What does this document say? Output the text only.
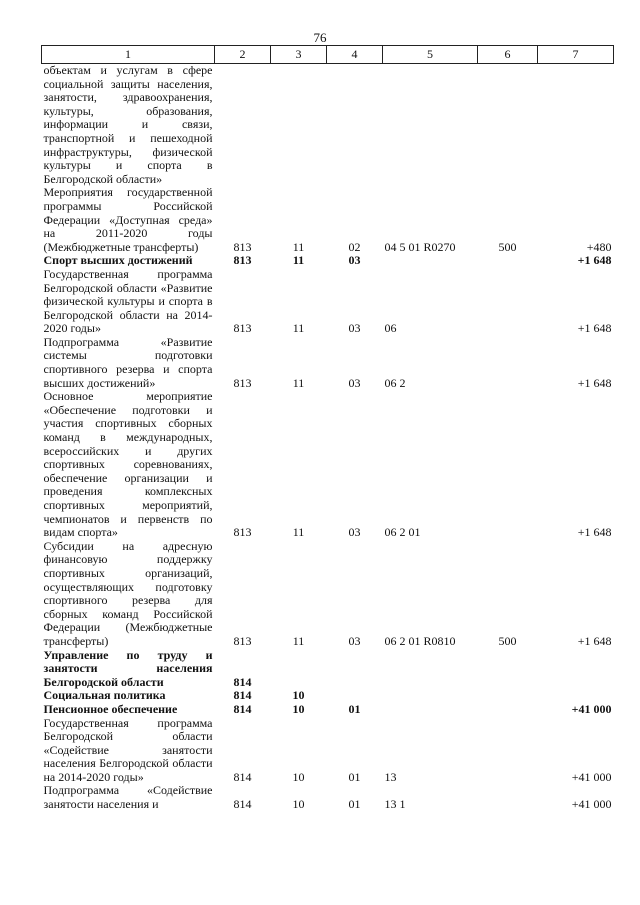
76
1	2	3	4	5	6	7
объектам и услугам в сфере социальной защиты населения, занятости, здравоохранения, культуры, образования, информации и связи, транспортной и пешеходной инфраструктуры, физической культуры и спорта в Белгородской области»						
Мероприятия государственной программы Российской Федерации «Доступная среда» на 2011-2020 годы (Межбюджетные трансферты)	813	11	02	04 5 01 R0270	500	+480
Спорт высших достижений	813	11	03			+1 648
Государственная программа Белгородской области «Развитие физической культуры и спорта в Белгородской области на 2014-2020 годы»	813	11	03	06		+1 648
Подпрограмма «Развитие системы подготовки спортивного резерва и спорта высших достижений»	813	11	03	06 2		+1 648
Основное мероприятие «Обеспечение подготовки и участия спортивных сборных команд в международных, всероссийских и других спортивных соревнованиях, обеспечение организации и проведения комплексных спортивных мероприятий, чемпионатов и первенств по видам спорта»	813	11	03	06 2 01		+1 648
Субсидии на адресную финансовую поддержку спортивных организаций, осуществляющих подготовку спортивного резерва для сборных команд Российской Федерации (Межбюджетные трансферты)	813	11	03	06 2 01 R0810	500	+1 648
Управление по труду и занятости населения Белгородской области	814					
Социальная политика	814	10				
Пенсионное обеспечение	814	10	01			+41 000
Государственная программа Белгородской области «Содействие занятости населения Белгородской области на 2014-2020 годы»	814	10	01	13		+41 000
Подпрограмма «Содействие занятости населения и	814	10	01	13 1		+41 000
